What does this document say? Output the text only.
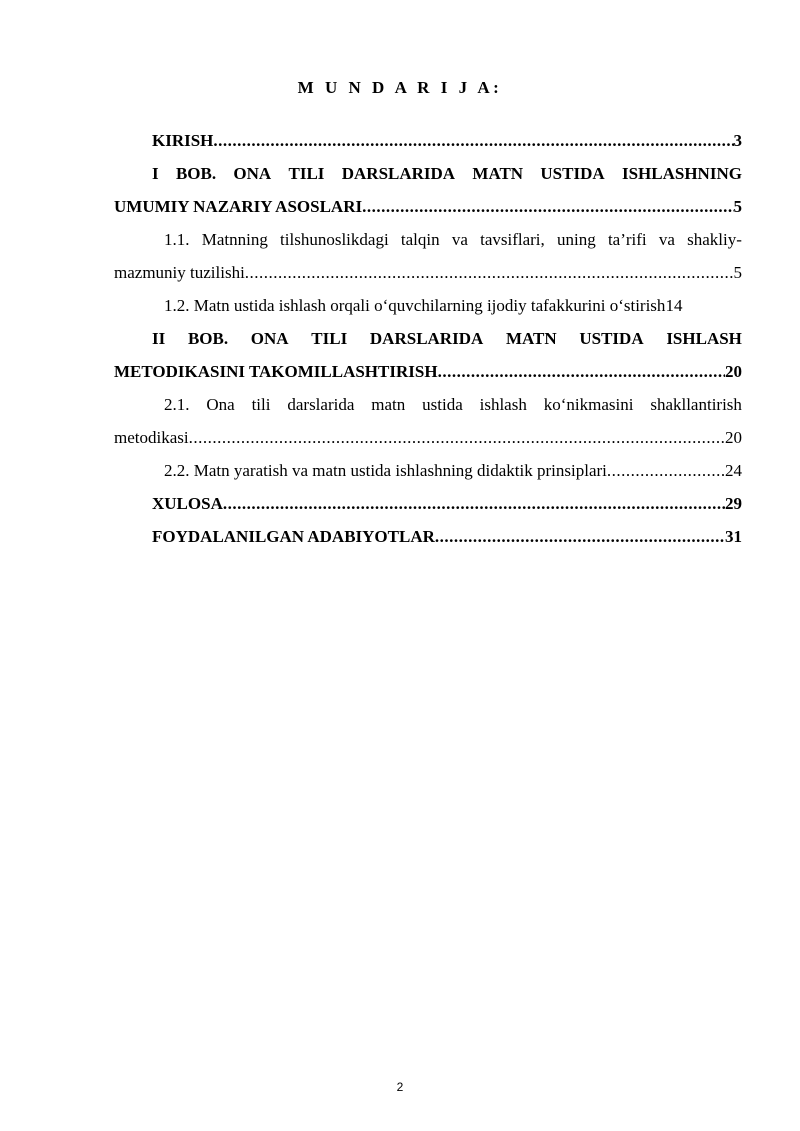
M U N D A R I J A:
KIRISH .....	3
I BOB. ONA TILI DARSLARIDA MATN USTIDA ISHLASHNING
UMUMIY NAZARIY ASOSLARI .....	5
1.1. Matnning tilshunoslikdagi talqin va tavsiflari, uning ta’rifi va shakliy-
mazmuniy tuzilishi .....	5
1.2. Matn ustida ishlash orqali o‘quvchilarning ijodiy tafakkurini o‘stirish 14
II BOB. ONA TILI DARSLARIDA MATN USTIDA ISHLASH
METODIKASINI TAKOMILLASHTIRISH .....	20
2.1. Ona tili darslarida matn ustida ishlash ko‘nikmasini shakllantirish
metodikasi .....	20
2.2. Matn yaratish va matn ustida ishlashning didaktik prinsiplari .....	24
XULOSA .....	29
FOYDALANILGAN ADABIYOTLAR .....	31
2
